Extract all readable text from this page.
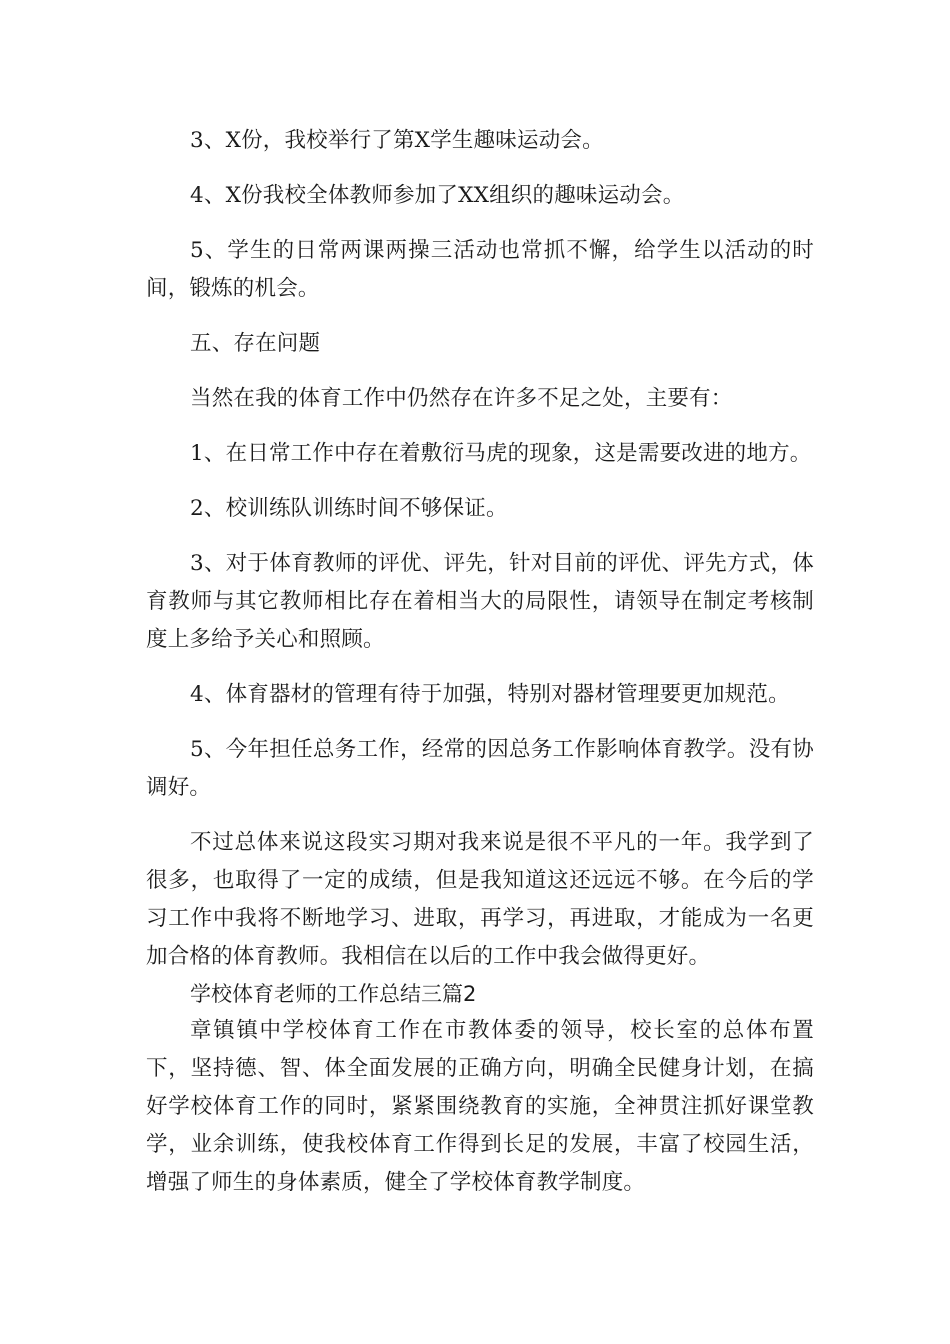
3、X份，我校举行了第X学生趣味运动会。

4、X份我校全体教师参加了XX组织的趣味运动会。

5、学生的日常两课两操三活动也常抓不懈，给学生以活动的时间，锻炼的机会。

五、存在问题

当然在我的体育工作中仍然存在许多不足之处，主要有：

1、在日常工作中存在着敷衍马虎的现象，这是需要改进的地方。

2、校训练队训练时间不够保证。

3、对于体育教师的评优、评先，针对目前的评优、评先方式，体育教师与其它教师相比存在着相当大的局限性，请领导在制定考核制度上多给予关心和照顾。

4、体育器材的管理有待于加强，特别对器材管理要更加规范。

5、今年担任总务工作，经常的因总务工作影响体育教学。没有协调好。

不过总体来说这段实习期对我来说是很不平凡的一年。我学到了很多，也取得了一定的成绩，但是我知道这还远远不够。在今后的学习工作中我将不断地学习、进取，再学习，再进取，才能成为一名更加合格的体育教师。我相信在以后的工作中我会做得更好。

学校体育老师的工作总结三篇2

章镇镇中学校体育工作在市教体委的领导，校长室的总体布置下，坚持德、智、体全面发展的正确方向，明确全民健身计划，在搞好学校体育工作的同时，紧紧围绕教育的实施，全神贯注抓好课堂教学，业余训练，使我校体育工作得到长足的发展，丰富了校园生活，增强了师生的身体素质，健全了学校体育教学制度。
